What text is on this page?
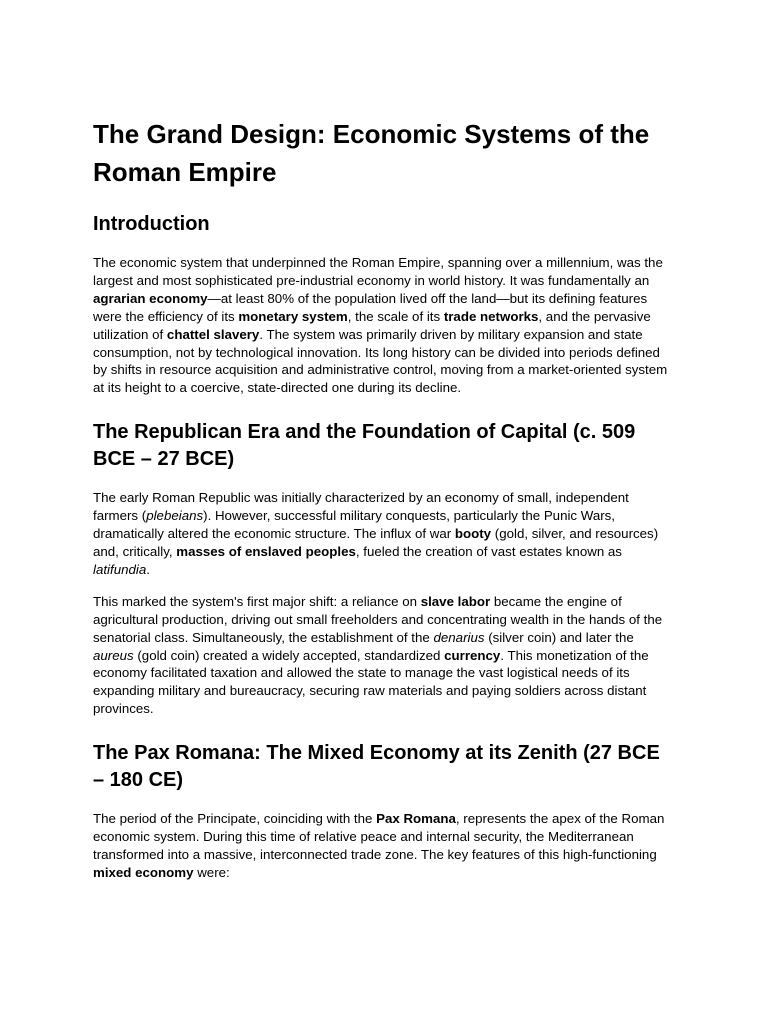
The Grand Design: Economic Systems of the Roman Empire
Introduction

The economic system that underpinned the Roman Empire, spanning over a millennium, was the largest and most sophisticated pre-industrial economy in world history. It was fundamentally an agrarian economy—at least 80% of the population lived off the land—but its defining features were the efficiency of its monetary system, the scale of its trade networks, and the pervasive utilization of chattel slavery. The system was primarily driven by military expansion and state consumption, not by technological innovation. Its long history can be divided into periods defined by shifts in resource acquisition and administrative control, moving from a market-oriented system at its height to a coercive, state-directed one during its decline.

The Republican Era and the Foundation of Capital (c. 509 BCE – 27 BCE)

The early Roman Republic was initially characterized by an economy of small, independent farmers (plebeians). However, successful military conquests, particularly the Punic Wars, dramatically altered the economic structure. The influx of war booty (gold, silver, and resources) and, critically, masses of enslaved peoples, fueled the creation of vast estates known as latifundia.

This marked the system's first major shift: a reliance on slave labor became the engine of agricultural production, driving out small freeholders and concentrating wealth in the hands of the senatorial class. Simultaneously, the establishment of the denarius (silver coin) and later the aureus (gold coin) created a widely accepted, standardized currency. This monetization of the economy facilitated taxation and allowed the state to manage the vast logistical needs of its expanding military and bureaucracy, securing raw materials and paying soldiers across distant provinces.

The Pax Romana: The Mixed Economy at its Zenith (27 BCE – 180 CE)

The period of the Principate, coinciding with the Pax Romana, represents the apex of the Roman economic system. During this time of relative peace and internal security, the Mediterranean transformed into a massive, interconnected trade zone. The key features of this high-functioning mixed economy were:
